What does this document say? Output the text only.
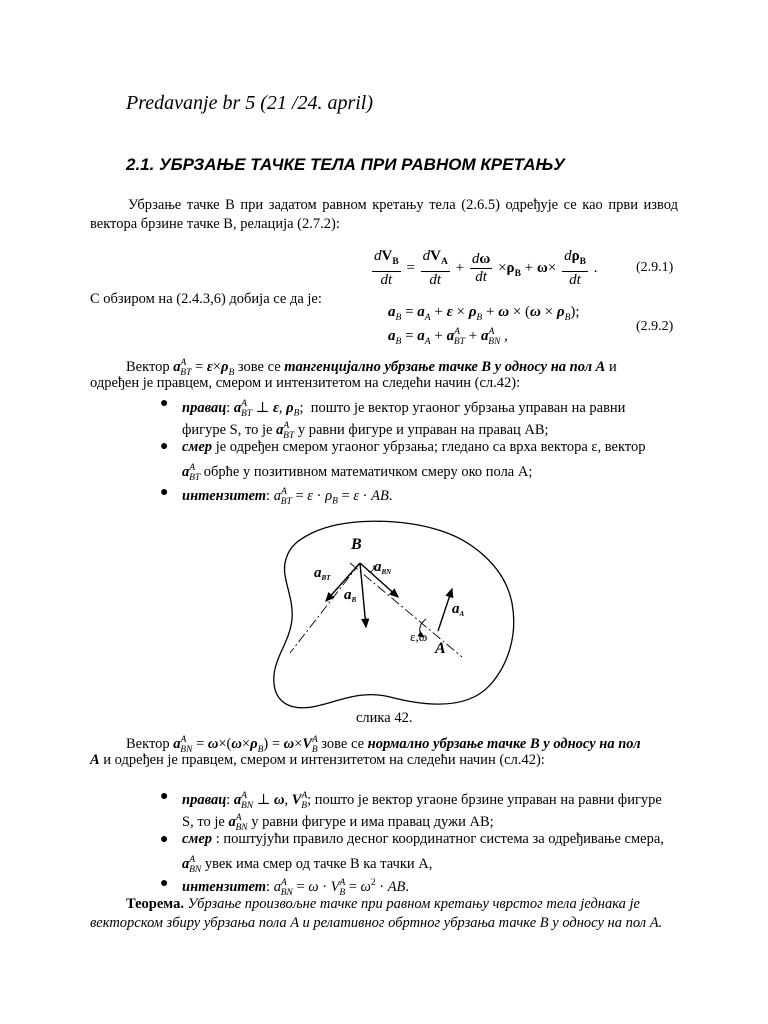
Predavanje br 5 (21 /24. april)
2.1. УБРЗАЊЕ ТАЧКЕ ТЕЛА ПРИ РАВНОМ КРЕТАЊУ
Убрзање тачке B при задатом равном кретању тела (2.6.5) одређује се као први извод вектора брзине тачке B, релација (2.7.2):
$\frac{dV_B}{dt} = \frac{dV_A}{dt} + \frac{d\omega}{dt} \times\rho_B + \omega\times \frac{d\rho_B}{dt}$ .	(2.9.1)
С обзиром на (2.4.3,6) добија се да је:
$a_B = a_A + \varepsilon \times \rho_B + \omega \times (\omega \times \rho_B)$;
$a_B = a_A + a^A_{BT} + a^A_{BN}$ ,
(2.9.2)
Вектор $a^A_{BT} = \varepsilon\times\rho_B$ зове се тангенцијално убрзање тачке B у односу на пол A и
одређен је правцем, смером и интензитетом на следећи начин (сл.42):
● правац: $a^A_{BT}$ ⊥ ε, $\rho_B$;  пошто је вектор угаоног убрзања управан на равни
фигуре S, то је $a^A_{BT}$ у равни фигуре и управан на правац AB;
● смер је одређен смером угаоног убрзања; гледано са врха вектора ε, вектор
$a^A_{BT}$ обрће у позитивном математичком смеру око пола A;
● интензитет: $a^A_{BT} = \varepsilon \cdot \rho_B = \varepsilon$ · AB.
B
A
ε,ω
$a_{BT}$
$a_{BN}$
$a_B$
$a_A$
слика 42.
Вектор $a^A_{BN} = \omega\times(\omega\times\rho_B) = \omega\times V^A_B$ зове се нормално убрзање тачке B у односу на пол
A и одређен је правцем, смером и интензитетом на следећи начин (сл.42):
● правац: $a^A_{BN}$ ⊥ ω, $V^A_B$; пошто је вектор угаоне брзине управан на равни фигуре
S, то је $a^A_{BN}$ у равни фигуре и има правац дужи AB;
● смер : поштујући правило десног координатног система за одређивање смера,
$a^A_{BN}$ увек има смер од тачке B ка тачки A,
● интензитет: $a^A_{BN} = \omega \cdot V^A_B = \omega^2$ · AB.
Теорема. Убрзање произвољне тачке при равном кретању чврстог тела једнака је
векторском збиру убрзања пола A и релативног обртног убрзања тачке B у односу на пол A.
